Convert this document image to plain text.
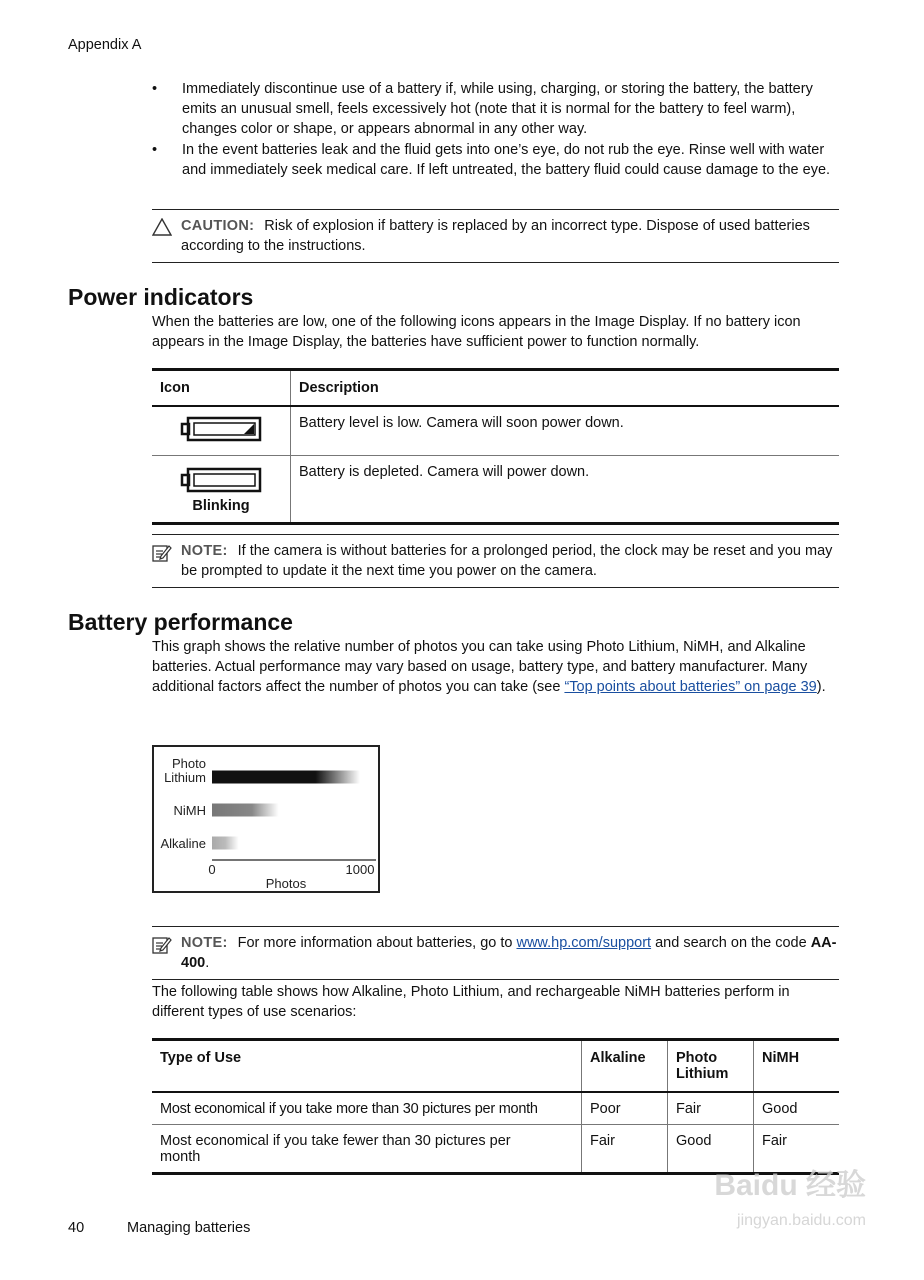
Appendix A
• Immediately discontinue use of a battery if, while using, charging, or storing the battery, the battery emits an unusual smell, feels excessively hot (note that it is normal for the battery to feel warm), changes color or shape, or appears abnormal in any other way.
• In the event batteries leak and the fluid gets into one’s eye, do not rub the eye. Rinse well with water and immediately seek medical care. If left untreated, the battery fluid could cause damage to the eye.
CAUTION: Risk of explosion if battery is replaced by an incorrect type. Dispose of used batteries according to the instructions.
Power indicators
When the batteries are low, one of the following icons appears in the Image Display. If no battery icon appears in the Image Display, the batteries have sufficient power to function normally.
Icon	Description
	Battery level is low. Camera will soon power down.

Blinking	Battery is depleted. Camera will power down.
NOTE: If the camera is without batteries for a prolonged period, the clock may be reset and you may be prompted to update it the next time you power on the camera.
Battery performance
This graph shows the relative number of photos you can take using Photo Lithium, NiMH, and Alkaline batteries. Actual performance may vary based on usage, battery type, and battery manufacturer. Many additional factors affect the number of photos you can take (see “Top points about batteries” on page 39).
Photo
Lithium
NiMH
Alkaline
0	1000
Photos
NOTE: For more information about batteries, go to www.hp.com/support and search on the code AA-400.
The following table shows how Alkaline, Photo Lithium, and rechargeable NiMH batteries perform in different types of use scenarios:
Type of Use	Alkaline	Photo Lithium	NiMH
Most economical if you take more than 30 pictures per month	Poor	Fair	Good
Most economical if you take fewer than 30 pictures per month	Fair	Good	Fair
40	Managing batteries
Baidu 经验
jingyan.baidu.com
